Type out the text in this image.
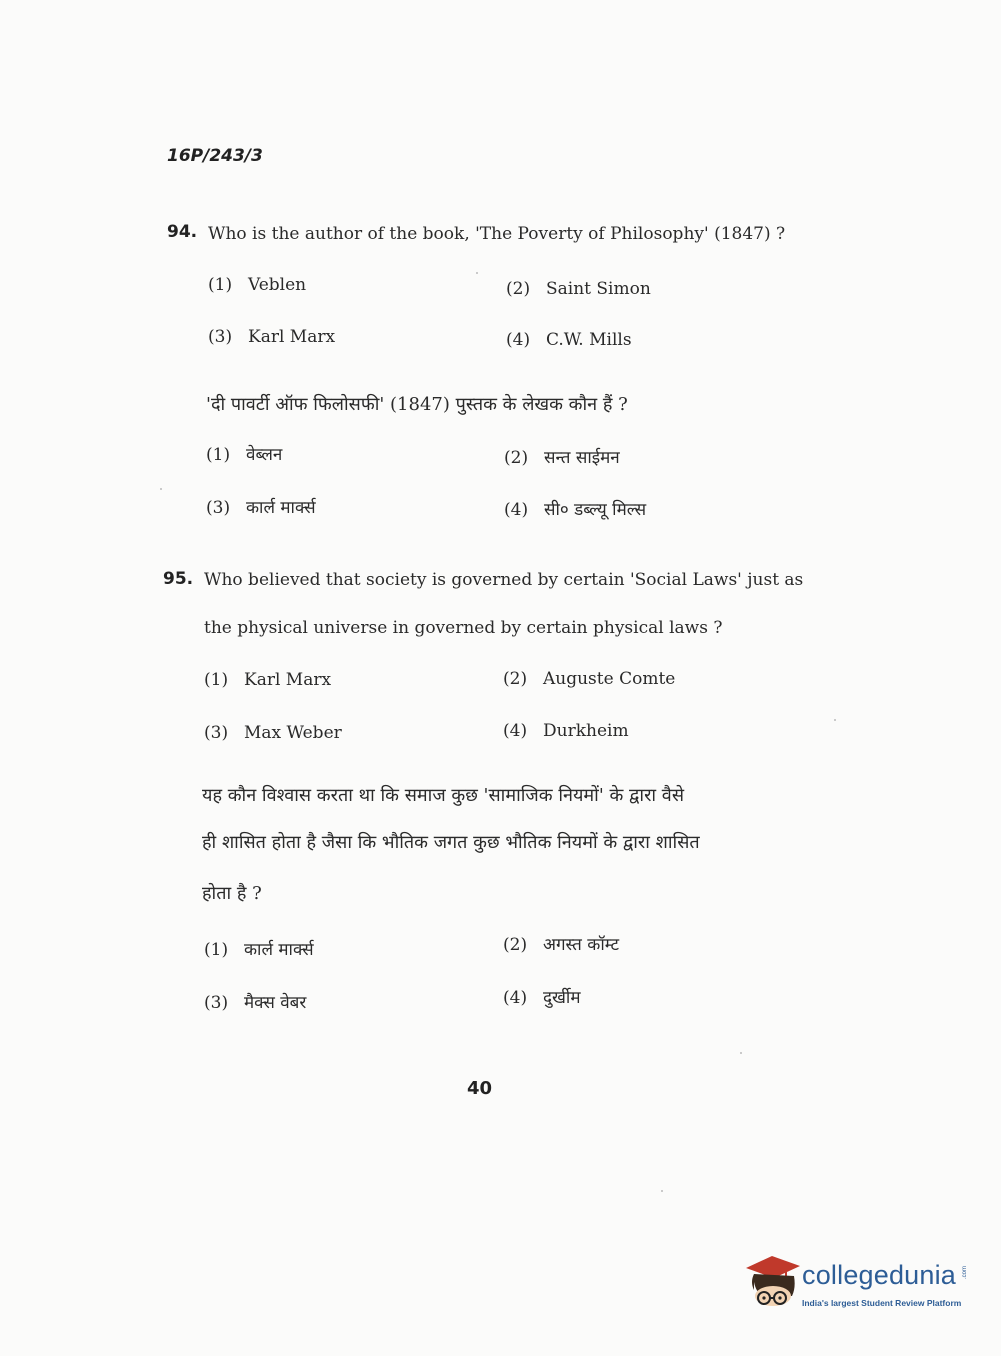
16P/243/3
94. Who is the author of the book, 'The Poverty of Philosophy' (1847) ?
(1) Veblen	(2) Saint Simon
(3) Karl Marx	(4) C.W. Mills
'दी पावर्टी ऑफ फिलोसफी' (1847) पुस्तक के लेखक कौन हैं ?
(1) वेब्लन	(2) सन्त साईमन
(3) कार्ल मार्क्स	(4) सी० डब्ल्यू मिल्स
95. Who believed that society is governed by certain 'Social Laws' just as
the physical universe in governed by certain physical laws ?
(1) Karl Marx	(2) Auguste Comte
(3) Max Weber	(4) Durkheim
यह कौन विश्वास करता था कि समाज कुछ 'सामाजिक नियमों' के द्वारा वैसे
ही शासित होता है जैसा कि भौतिक जगत कुछ भौतिक नियमों के द्वारा शासित
होता है ?
(1) कार्ल मार्क्स	(2) अगस्त कॉम्ट
(3) मैक्स वेबर	(4) दुर्खीम
40
collegedunia .com
India's largest Student Review Platform
